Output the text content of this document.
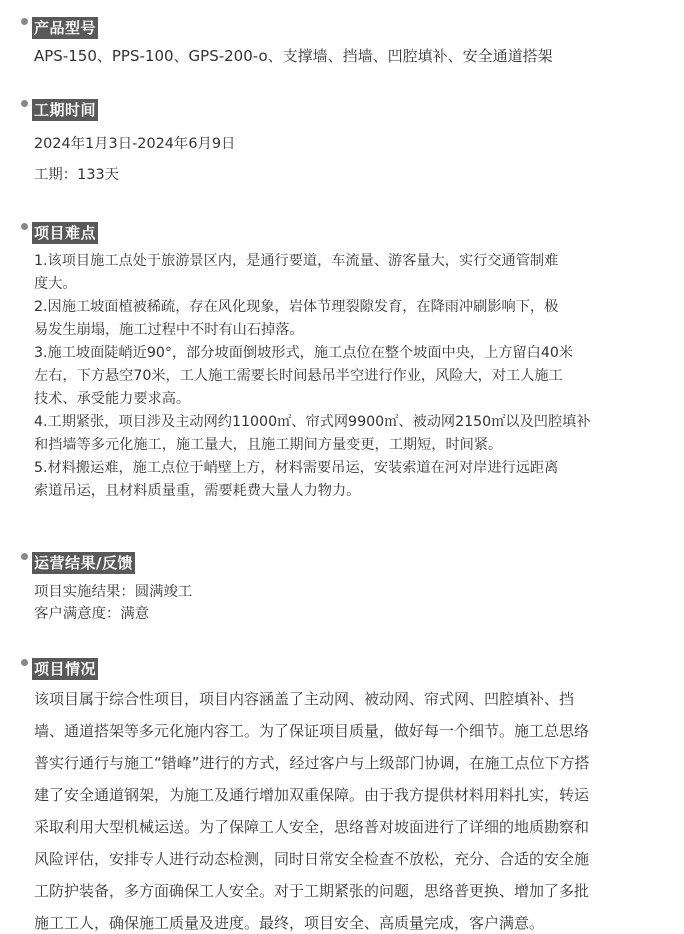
产品型号
APS-150、PPS-100、GPS-200-o、支撑墙、挡墙、凹腔填补、安全通道搭架
工期时间
2024年1月3日-2024年6月9日
工期：133天
项目难点
1.该项目施工点处于旅游景区内，是通行要道，车流量、游客量大，实行交通管制难
度大。
2.因施工坡面植被稀疏，存在风化现象，岩体节理裂隙发育，在降雨冲刷影响下，极
易发生崩塌，施工过程中不时有山石掉落。
3.施工坡面陡峭近90°，部分坡面倒坡形式，施工点位在整个坡面中央，上方留白40米
左右，下方悬空70米，工人施工需要长时间悬吊半空进行作业，风险大，对工人施工
技术、承受能力要求高。
4.工期紧张，项目涉及主动网约11000㎡、帘式网9900㎡、被动网2150㎡以及凹腔填补
和挡墙等多元化施工，施工量大，且施工期间方量变更，工期短，时间紧。
5.材料搬运难，施工点位于峭壁上方，材料需要吊运，安装索道在河对岸进行远距离
索道吊运，且材料质量重，需要耗费大量人力物力。
运营结果/反馈
项目实施结果：圆满竣工
客户满意度：满意
项目情况
该项目属于综合性项目，项目内容涵盖了主动网、被动网、帘式网、凹腔填补、挡
墙、通道搭架等多元化施内容工。为了保证项目质量，做好每一个细节。施工总思络
普实行通行与施工“错峰”进行的方式，经过客户与上级部门协调，在施工点位下方搭
建了安全通道钢架，为施工及通行增加双重保障。由于我方提供材料用料扎实，转运
采取利用大型机械运送。为了保障工人安全，思络普对坡面进行了详细的地质勘察和
风险评估，安排专人进行动态检测，同时日常安全检查不放松，充分、合适的安全施
工防护装备，多方面确保工人安全。对于工期紧张的问题，思络普更换、增加了多批
施工工人，确保施工质量及进度。最终，项目安全、高质量完成，客户满意。
